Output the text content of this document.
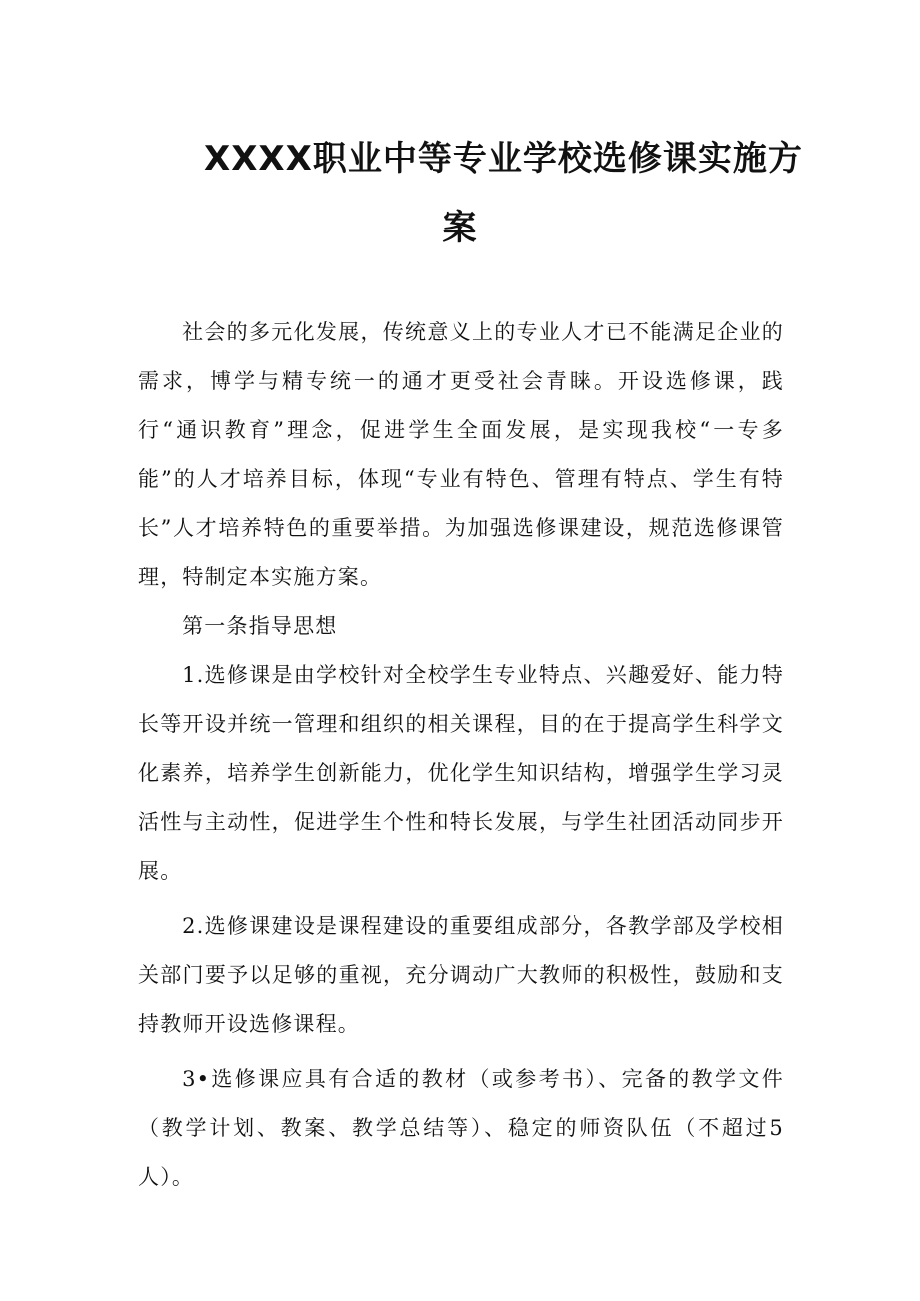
XXXX职业中等专业学校选修课实施方
案

社会的多元化发展，传统意义上的专业人才已不能满足企业的需求，博学与精专统一的通才更受社会青睐。开设选修课，践行“通识教育”理念，促进学生全面发展，是实现我校“一专多能”的人才培养目标，体现“专业有特色、管理有特点、学生有特长”人才培养特色的重要举措。为加强选修课建设，规范选修课管理，特制定本实施方案。

第一条指导思想

1.选修课是由学校针对全校学生专业特点、兴趣爱好、能力特长等开设并统一管理和组织的相关课程，目的在于提高学生科学文化素养，培养学生创新能力，优化学生知识结构，增强学生学习灵活性与主动性，促进学生个性和特长发展，与学生社团活动同步开展。

2.选修课建设是课程建设的重要组成部分，各教学部及学校相关部门要予以足够的重视，充分调动广大教师的积极性，鼓励和支持教师开设选修课程。

3•选修课应具有合适的教材（或参考书）、完备的教学文件（教学计划、教案、教学总结等）、稳定的师资队伍（不超过5人）。
